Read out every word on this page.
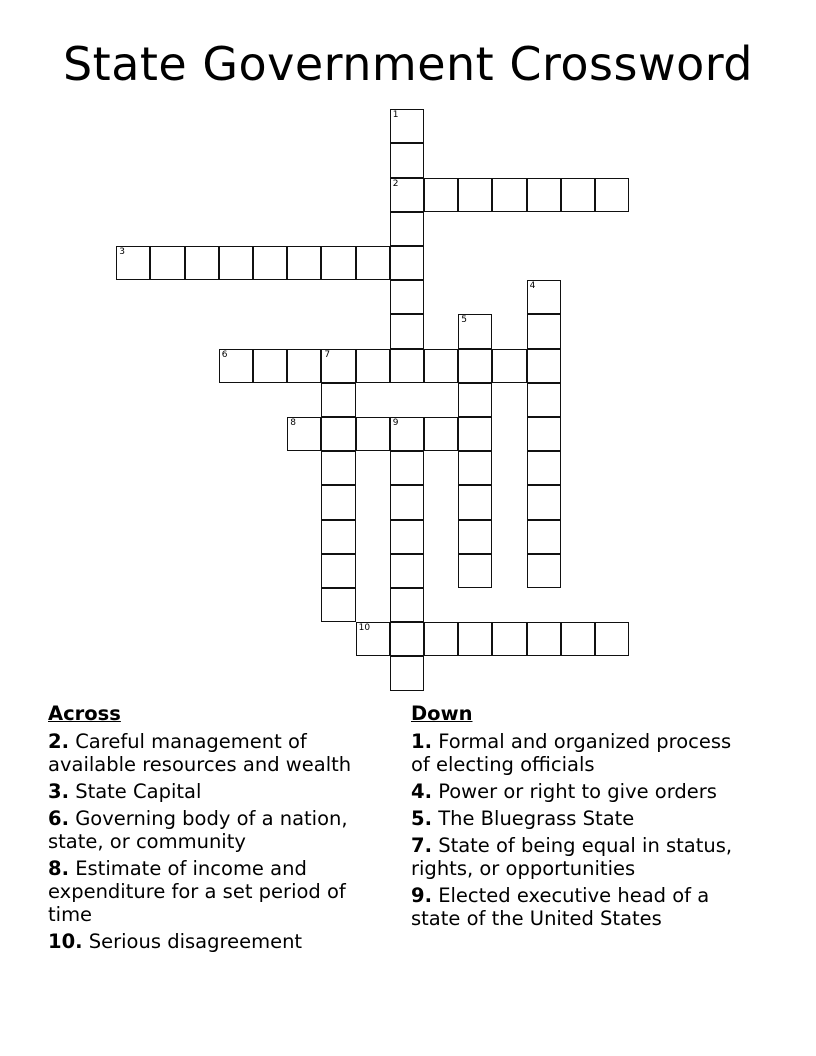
State Government Crossword
1
2
3
4
5
6	7
8	9
10
Across
2. Careful management of available resources and wealth
3. State Capital
6. Governing body of a nation, state, or community
8. Estimate of income and expenditure for a set period of time
10. Serious disagreement
Down
1. Formal and organized process of electing officials
4. Power or right to give orders
5. The Bluegrass State
7. State of being equal in status, rights, or opportunities
9. Elected executive head of a state of the United States
